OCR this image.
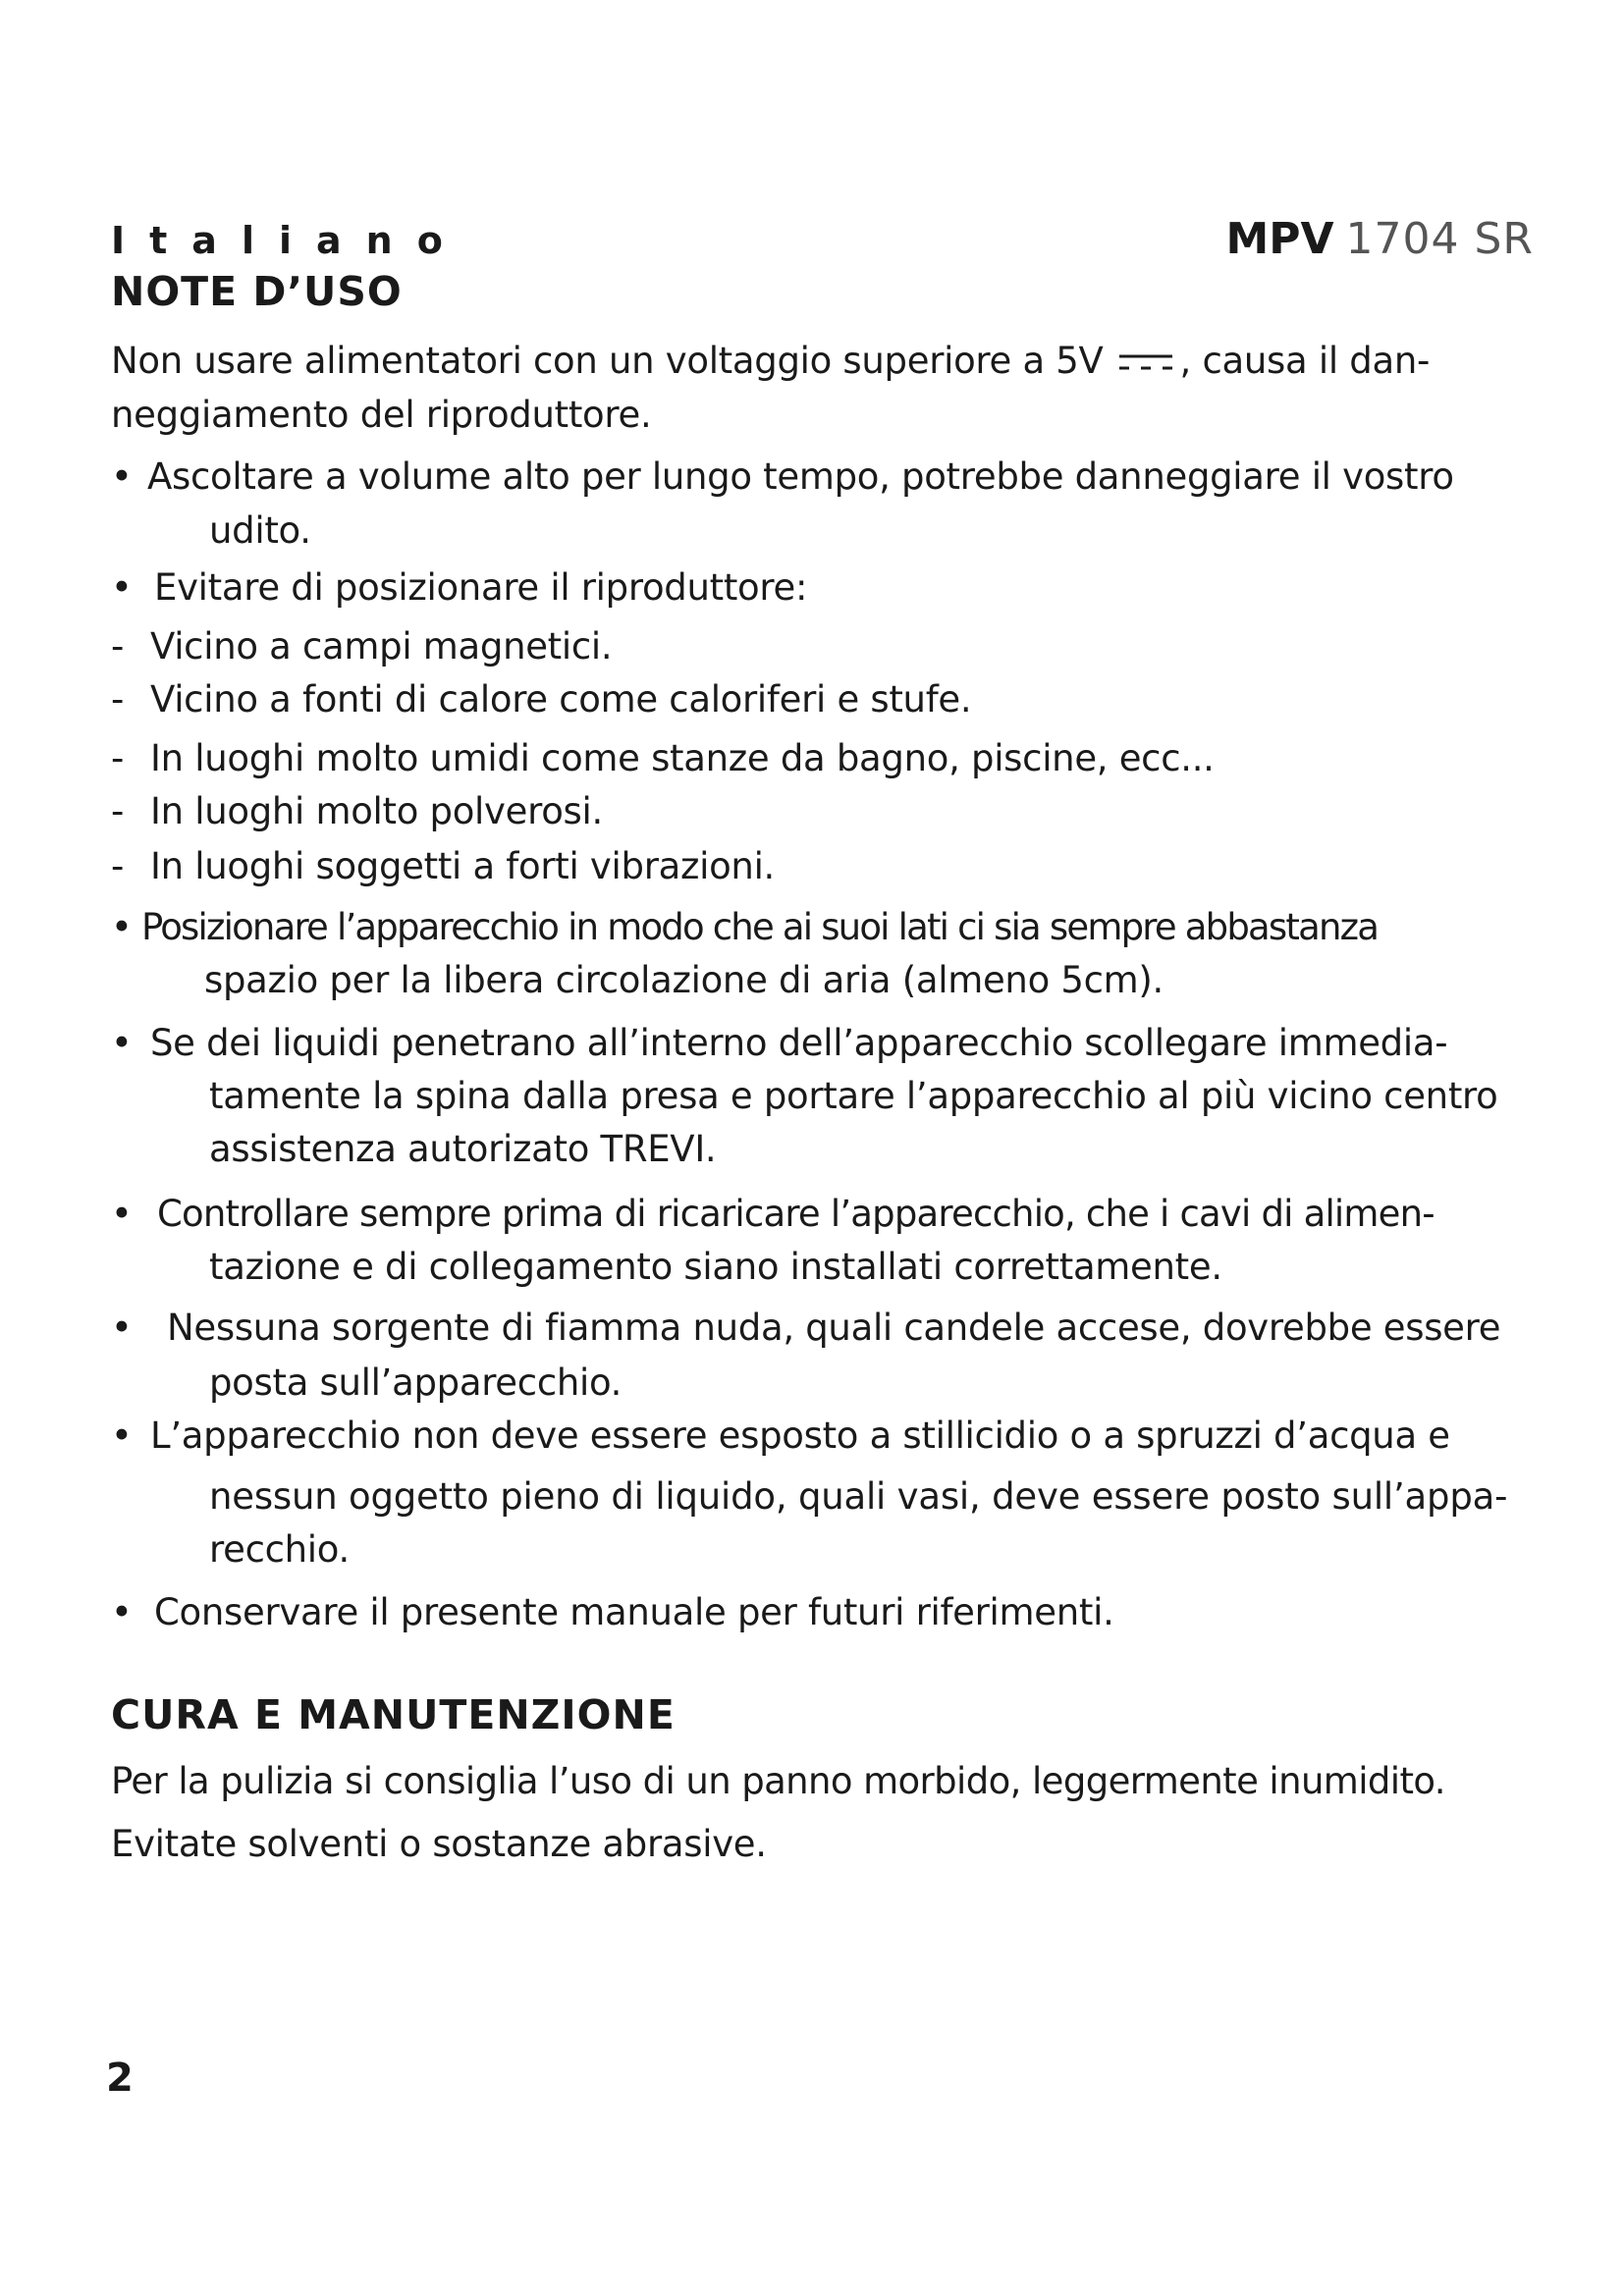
Italiano	MPV 1704 SR
NOTE D’USO
Non usare alimentatori con un voltaggio superiore a 5V , causa il dan-
neggiamento del riproduttore.
• Ascoltare a volume alto per lungo tempo, potrebbe danneggiare il vostro
udito.
• Evitare di posizionare il riproduttore:
- Vicino a campi magnetici.
- Vicino a fonti di calore come caloriferi e stufe.
- In luoghi molto umidi come stanze da bagno, piscine, ecc...
- In luoghi molto polverosi.
- In luoghi soggetti a forti vibrazioni.
• Posizionare l’apparecchio in modo che ai suoi lati ci sia sempre abbastanza
spazio per la libera circolazione di aria (almeno 5cm).
• Se dei liquidi penetrano all’interno dell’apparecchio scollegare immedia-
tamente la spina dalla presa e portare l’apparecchio al più vicino centro
assistenza autorizato TREVI.
• Controllare sempre prima di ricaricare l’apparecchio, che i cavi di alimen-
tazione e di collegamento siano installati correttamente.
• Nessuna sorgente di fiamma nuda, quali candele accese, dovrebbe essere
posta sull’apparecchio.
• L’apparecchio non deve essere esposto a stillicidio o a spruzzi d’acqua e
nessun oggetto pieno di liquido, quali vasi, deve essere posto sull’appa-
recchio.
• Conservare il presente manuale per futuri riferimenti.
CURA E MANUTENZIONE
Per la pulizia si consiglia l’uso di un panno morbido, leggermente inumidito.
Evitate solventi o sostanze abrasive.
2
